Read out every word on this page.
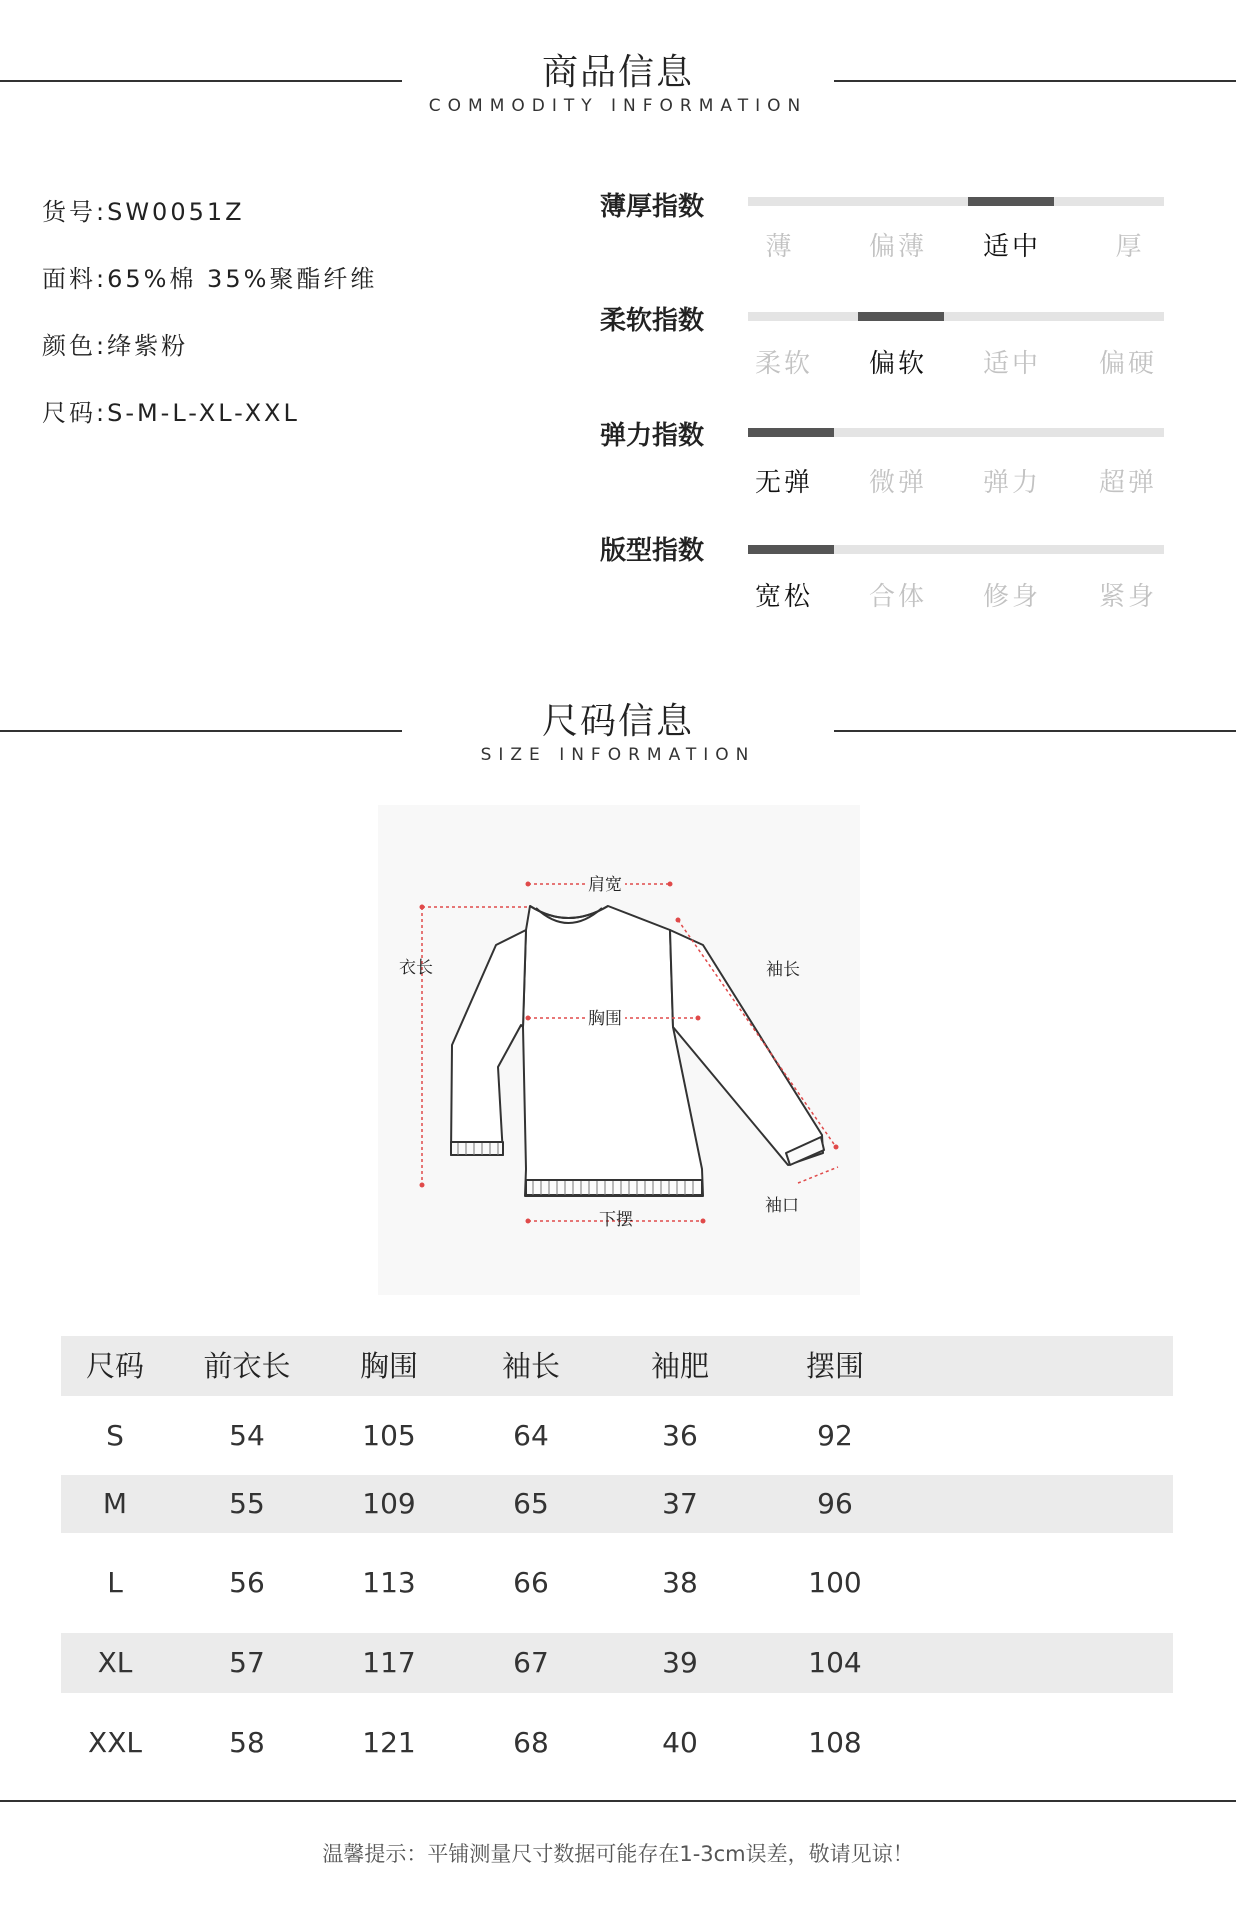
商品信息
COMMODITY INFORMATION
货号:SW0051Z
面料:65%棉 35%聚酯纤维
颜色:绛紫粉
尺码:S-M-L-XL-XXL
薄厚指数
薄	偏薄	适中	厚
柔软指数
柔软	偏软	适中	偏硬
弹力指数
无弹	微弹	弹力	超弹
版型指数
宽松	合体	修身	紧身
尺码信息
SIZE INFORMATION
肩宽
衣长	袖长
胸围
袖口
下摆
尺码	前衣长	胸围	袖长	袖肥	摆围
S	54	105	64	36	92
M	55	109	65	37	96
L	56	113	66	38	100
XL	57	117	67	39	104
XXL	58	121	68	40	108
温馨提示：平铺测量尺寸数据可能存在1-3cm误差，敬请见谅！
